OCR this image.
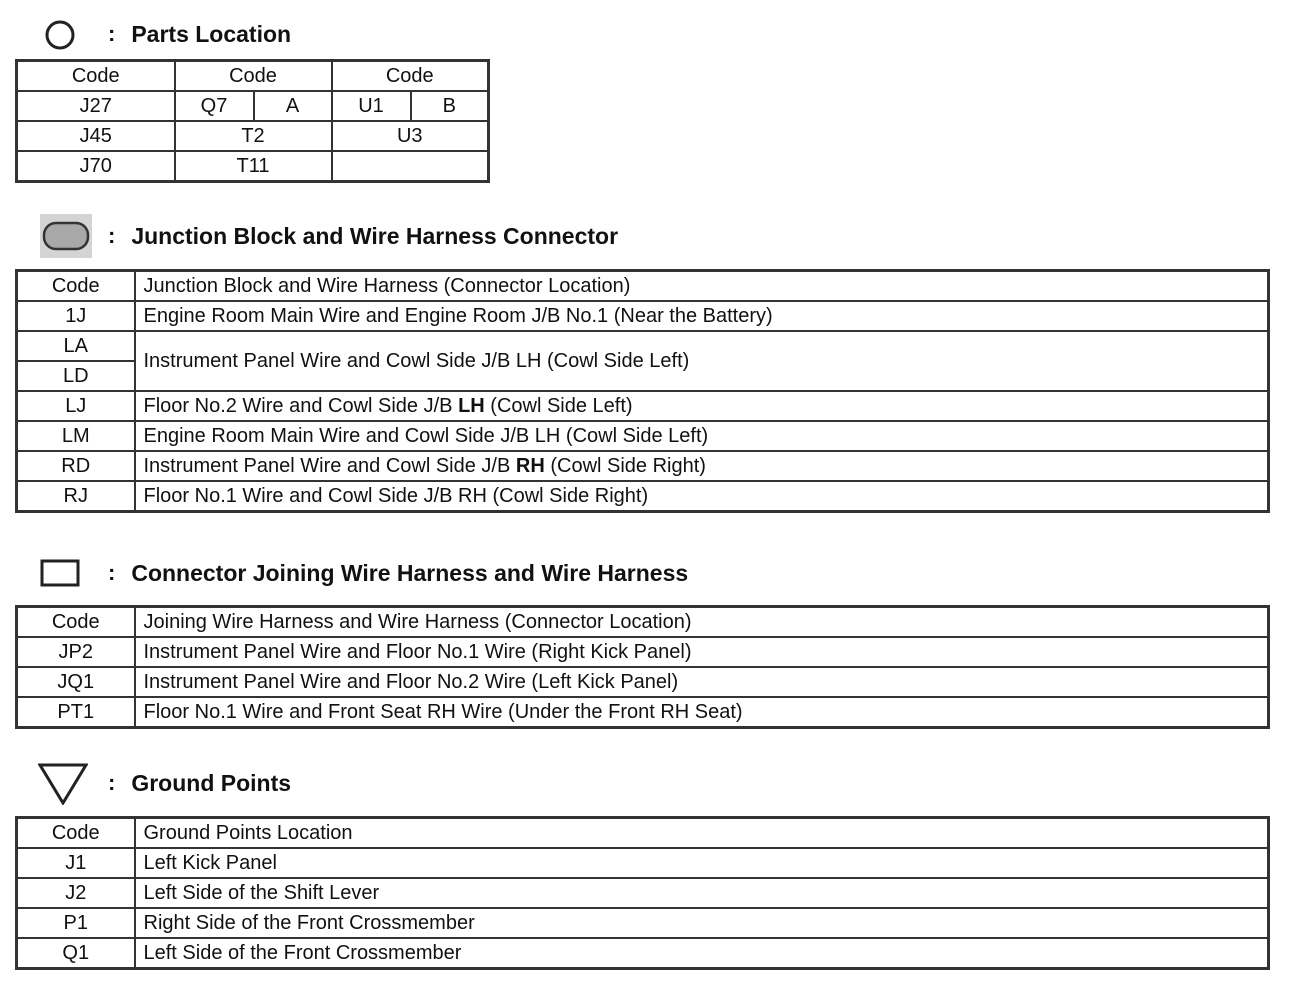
: Parts Location
Code	Code		Code	
J27	Q7	A	U1	B
J45	T2		U3	
J70	T11			
: Junction Block and Wire Harness Connector
Code	Junction Block and Wire Harness (Connector Location)
1J	Engine Room Main Wire and Engine Room J/B No.1 (Near the Battery)
LA	Instrument Panel Wire and Cowl Side J/B LH (Cowl Side Left)
LD	
LJ	Floor No.2 Wire and Cowl Side J/B LH (Cowl Side Left)
LM	Engine Room Main Wire and Cowl Side J/B LH (Cowl Side Left)
RD	Instrument Panel Wire and Cowl Side J/B RH (Cowl Side Right)
RJ	Floor No.1 Wire and Cowl Side J/B RH (Cowl Side Right)
: Connector Joining Wire Harness and Wire Harness
Code	Joining Wire Harness and Wire Harness (Connector Location)
JP2	Instrument Panel Wire and Floor No.1 Wire (Right Kick Panel)
JQ1	Instrument Panel Wire and Floor No.2 Wire (Left Kick Panel)
PT1	Floor No.1 Wire and Front Seat RH Wire (Under the Front RH Seat)
: Ground Points
Code	Ground Points Location
J1	Left Kick Panel
J2	Left Side of the Shift Lever
P1	Right Side of the Front Crossmember
Q1	Left Side of the Front Crossmember
